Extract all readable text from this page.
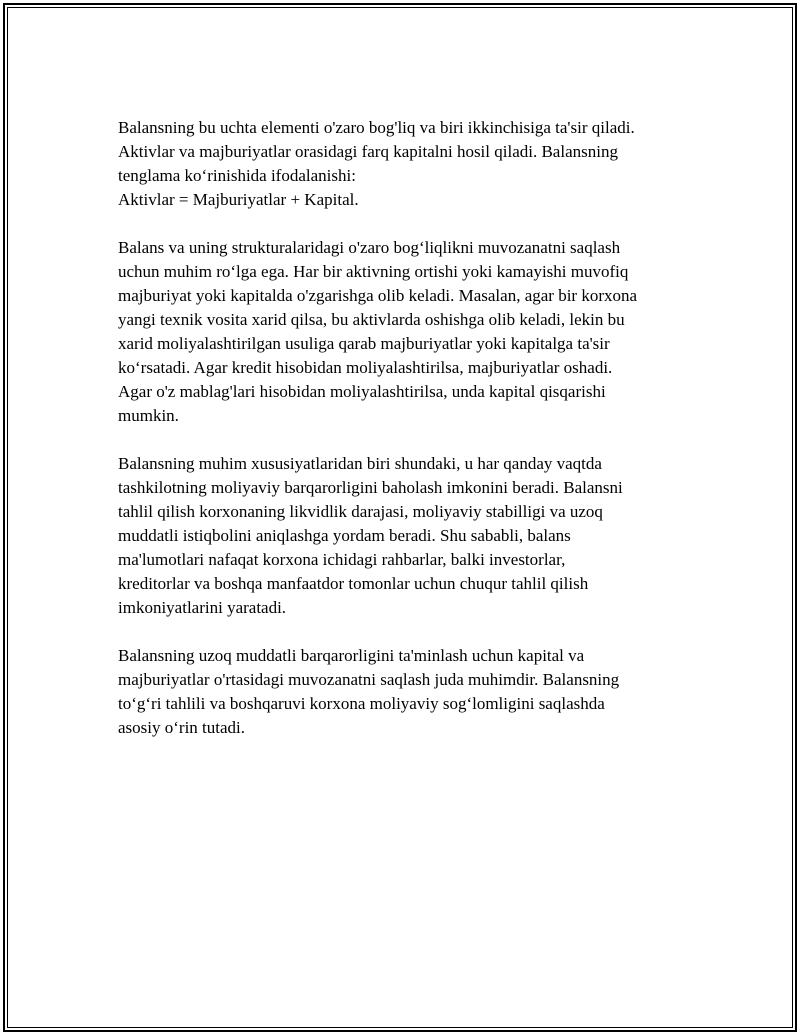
Balansning bu uchta elementi o'zaro bog'liq va biri ikkinchisiga ta'sir qiladi.
Aktivlar va majburiyatlar orasidagi farq kapitalni hosil qiladi. Balansning
tenglama ko‘rinishida ifodalanishi:
Aktivlar = Majburiyatlar + Kapital.

Balans va uning strukturalaridagi o'zaro bog‘liqlikni muvozanatni saqlash
uchun muhim ro‘lga ega. Har bir aktivning ortishi yoki kamayishi muvofiq
majburiyat yoki kapitalda o'zgarishga olib keladi. Masalan, agar bir korxona
yangi texnik vosita xarid qilsa, bu aktivlarda oshishga olib keladi, lekin bu
xarid moliyalashtirilgan usuliga qarab majburiyatlar yoki kapitalga ta'sir
ko‘rsatadi. Agar kredit hisobidan moliyalashtirilsa, majburiyatlar oshadi.
Agar o'z mablag'lari hisobidan moliyalashtirilsa, unda kapital qisqarishi
mumkin.

Balansning muhim xususiyatlaridan biri shundaki, u har qanday vaqtda
tashkilotning moliyaviy barqarorligini baholash imkonini beradi. Balansni
tahlil qilish korxonaning likvidlik darajasi, moliyaviy stabilligi va uzoq
muddatli istiqbolini aniqlashga yordam beradi. Shu sababli, balans
ma'lumotlari nafaqat korxona ichidagi rahbarlar, balki investorlar,
kreditorlar va boshqa manfaatdor tomonlar uchun chuqur tahlil qilish
imkoniyatlarini yaratadi.

Balansning uzoq muddatli barqarorligini ta'minlash uchun kapital va
majburiyatlar o'rtasidagi muvozanatni saqlash juda muhimdir. Balansning
to‘g‘ri tahlili va boshqaruvi korxona moliyaviy sog‘lomligini saqlashda
asosiy o‘rin tutadi.
